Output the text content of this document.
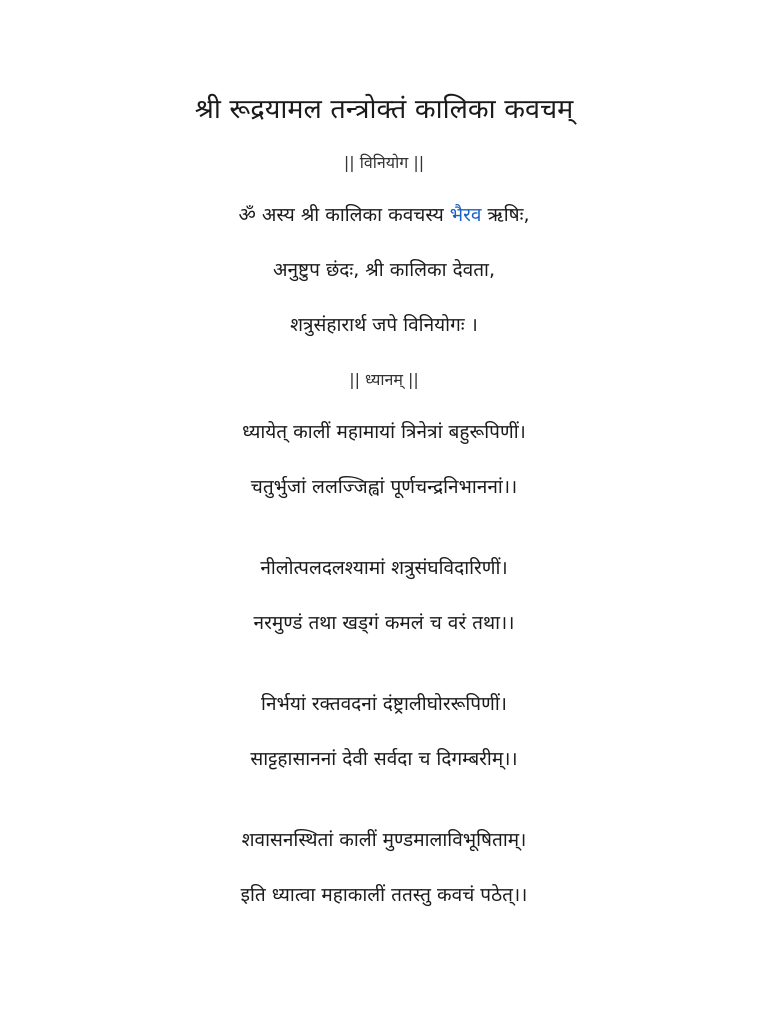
श्री रूद्रयामल तन्त्रोक्तं कालिका कवचम्
|| विनियोग ||
ॐ अस्य श्री कालिका कवचस्य भैरव ऋषिः,
अनुष्टुप छंदः, श्री कालिका देवता,
शत्रुसंहारार्थ जपे विनियोगः ।
|| ध्यानम् ||
ध्यायेत् कालीं महामायां त्रिनेत्रां बहुरूपिणीं।
चतुर्भुजां ललज्जिह्वां पूर्णचन्द्रनिभाननां।।
नीलोत्पलदलश्यामां शत्रुसंघविदारिणीं।
नरमुण्डं तथा खड्गं कमलं च वरं तथा।।
निर्भयां रक्तवदनां दंष्ट्रालीघोररूपिणीं।
साट्टहासाननां देवी सर्वदा च दिगम्बरीम्।।
शवासनस्थितां कालीं मुण्डमालाविभूषिताम्।
इति ध्यात्वा महाकालीं ततस्तु कवचं पठेत्।।
